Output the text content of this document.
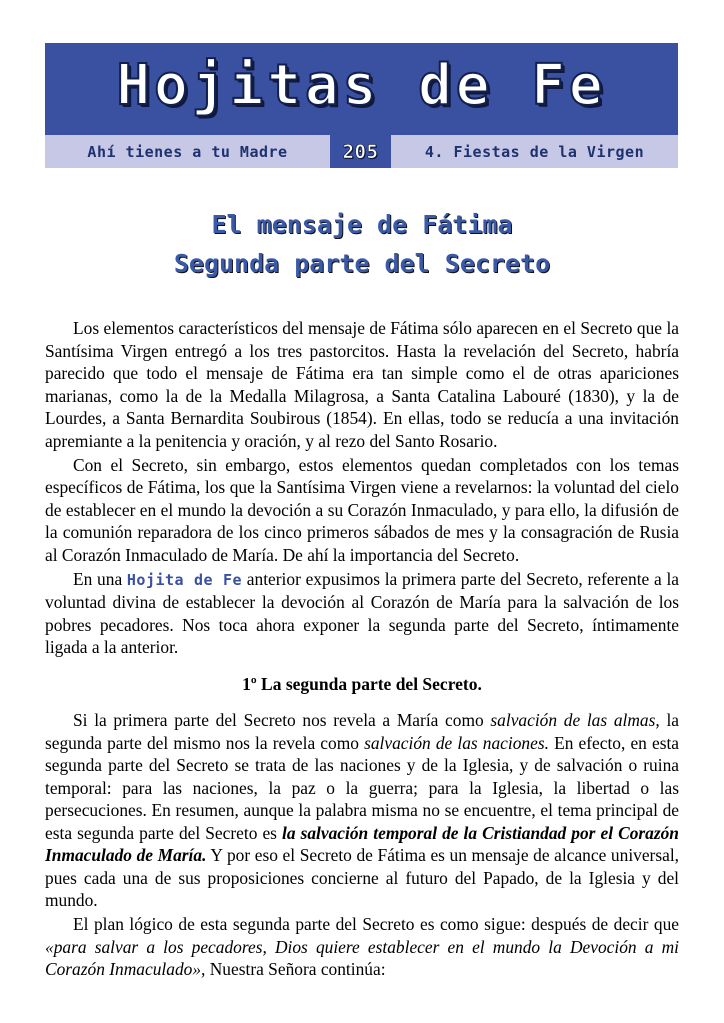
Hojitas de Fe
Ahí tienes a tu Madre	205	4. Fiestas de la Virgen
El mensaje de Fátima
Segunda parte del Secreto

Los elementos característicos del mensaje de Fátima sólo aparecen en el Secreto que la Santísima Virgen entregó a los tres pastorcitos. Hasta la revelación del Secreto, habría parecido que todo el mensaje de Fátima era tan simple como el de otras apariciones marianas, como la de la Medalla Milagrosa, a Santa Catalina Labouré (1830), y la de Lourdes, a Santa Bernardita Soubirous (1854). En ellas, todo se reducía a una invitación apremiante a la penitencia y oración, y al rezo del Santo Rosario.

Con el Secreto, sin embargo, estos elementos quedan completados con los temas específicos de Fátima, los que la Santísima Virgen viene a revelarnos: la voluntad del cielo de establecer en el mundo la devoción a su Corazón Inmaculado, y para ello, la difusión de la comunión reparadora de los cinco primeros sábados de mes y la consagración de Rusia al Corazón Inmaculado de María. De ahí la importancia del Secreto.

En una Hojita de Fe anterior expusimos la primera parte del Secreto, referente a la voluntad divina de establecer la devoción al Corazón de María para la salvación de los pobres pecadores. Nos toca ahora exponer la segunda parte del Secreto, íntimamente ligada a la anterior.

1º La segunda parte del Secreto.

Si la primera parte del Secreto nos revela a María como salvación de las almas, la segunda parte del mismo nos la revela como salvación de las naciones. En efecto, en esta segunda parte del Secreto se trata de las naciones y de la Iglesia, y de salvación o ruina temporal: para las naciones, la paz o la guerra; para la Iglesia, la libertad o las persecuciones. En resumen, aunque la palabra misma no se encuentre, el tema principal de esta segunda parte del Secreto es la salvación temporal de la Cristiandad por el Corazón Inmaculado de María. Y por eso el Secreto de Fátima es un mensaje de alcance universal, pues cada una de sus proposiciones concierne al futuro del Papado, de la Iglesia y del mundo.

El plan lógico de esta segunda parte del Secreto es como sigue: después de decir que «para salvar a los pecadores, Dios quiere establecer en el mundo la Devoción a mi Corazón Inmaculado», Nuestra Señora continúa:
